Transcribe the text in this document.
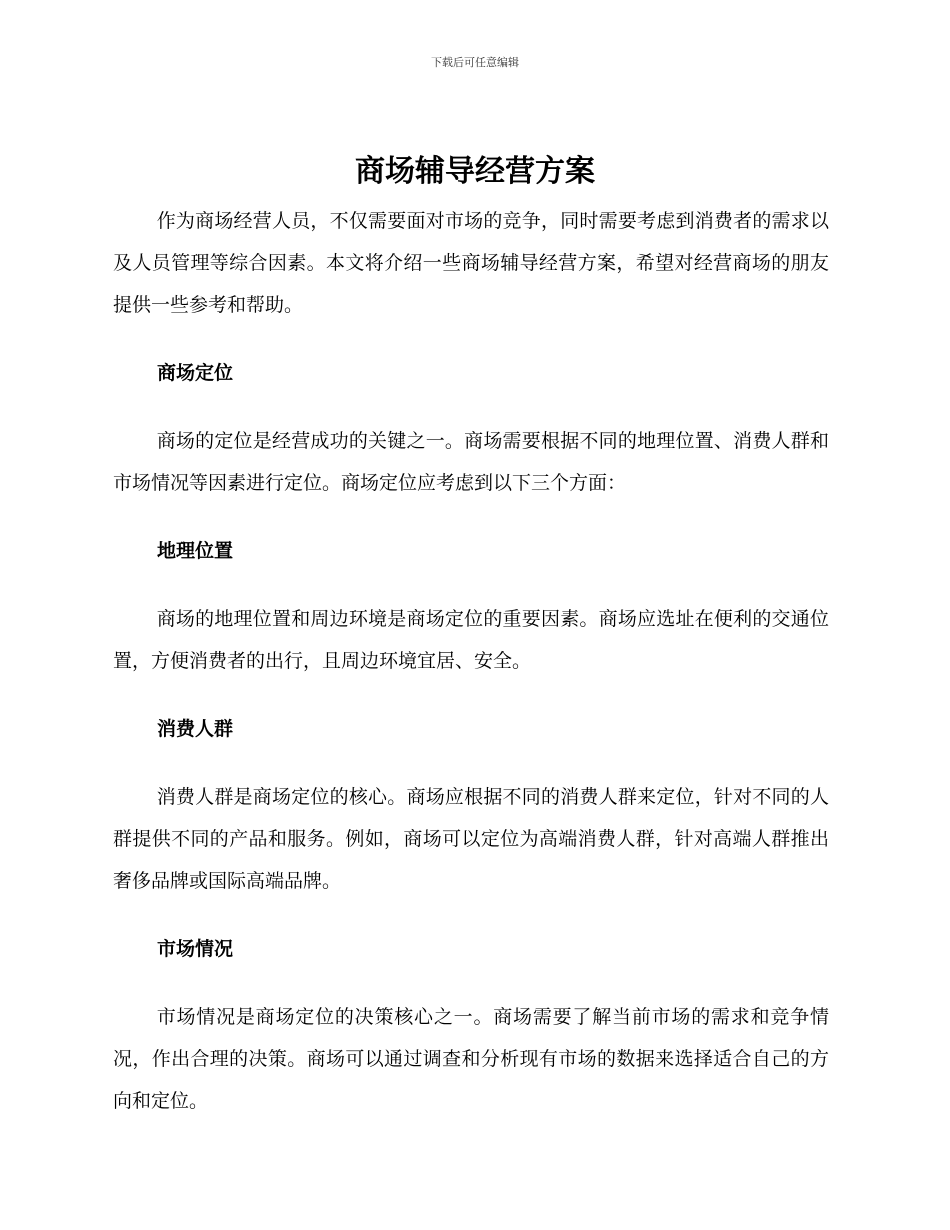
下载后可任意编辑
商场辅导经营方案

作为商场经营人员，不仅需要面对市场的竞争，同时需要考虑到消费者的需求以及人员管理等综合因素。本文将介绍一些商场辅导经营方案，希望对经营商场的朋友提供一些参考和帮助。

商场定位

商场的定位是经营成功的关键之一。商场需要根据不同的地理位置、消费人群和市场情况等因素进行定位。商场定位应考虑到以下三个方面：

地理位置

商场的地理位置和周边环境是商场定位的重要因素。商场应选址在便利的交通位置，方便消费者的出行，且周边环境宜居、安全。

消费人群

消费人群是商场定位的核心。商场应根据不同的消费人群来定位，针对不同的人群提供不同的产品和服务。例如，商场可以定位为高端消费人群，针对高端人群推出奢侈品牌或国际高端品牌。

市场情况

市场情况是商场定位的决策核心之一。商场需要了解当前市场的需求和竞争情况，作出合理的决策。商场可以通过调查和分析现有市场的数据来选择适合自己的方向和定位。
